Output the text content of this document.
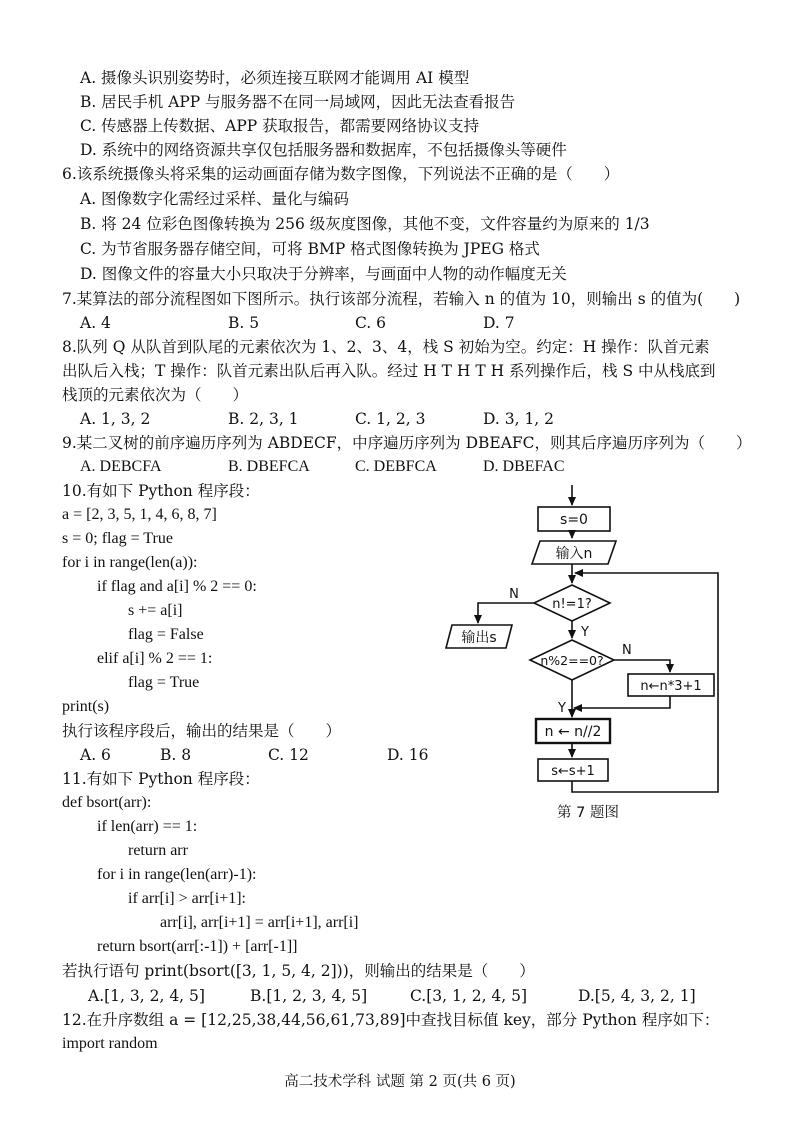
A. 摄像头识别姿势时，必须连接互联网才能调用 AI 模型
B. 居民手机 APP 与服务器不在同一局域网，因此无法查看报告
C. 传感器上传数据、APP 获取报告，都需要网络协议支持
D. 系统中的网络资源共享仅包括服务器和数据库，不包括摄像头等硬件
6.该系统摄像头将采集的运动画面存储为数字图像，下列说法不正确的是（　　）
A. 图像数字化需经过采样、量化与编码
B. 将 24 位彩色图像转换为 256 级灰度图像，其他不变，文件容量约为原来的 1/3
C. 为节省服务器存储空间，可将 BMP 格式图像转换为 JPEG 格式
D. 图像文件的容量大小只取决于分辨率，与画面中人物的动作幅度无关
7.某算法的部分流程图如下图所示。执行该部分流程，若输入 n 的值为 10，则输出 s 的值为(　　)
A. 4	B. 5	C. 6	D. 7
8.队列 Q 从队首到队尾的元素依次为 1、2、3、4，栈 S 初始为空。约定：H 操作：队首元素
出队后入栈；T 操作：队首元素出队后再入队。经过 H T H T H 系列操作后，栈 S 中从栈底到
栈顶的元素依次为（　　）
A. 1, 3, 2	B. 2, 3, 1	C. 1, 2, 3	D. 3, 1, 2
9.某二叉树的前序遍历序列为 ABDECF，中序遍历序列为 DBEAFC，则其后序遍历序列为（　　）
A. DEBCFA	B. DBEFCA	C. DEBFCA	D. DBEFAC
10.有如下 Python 程序段：
a = [2, 3, 5, 1, 4, 6, 8, 7]
s = 0; flag = True
for i in range(len(a)):
if flag and a[i] % 2 == 0:
s += a[i]
flag = False
elif a[i] % 2 == 1:
flag = True
print(s)
执行该程序段后，输出的结果是（　　）
A. 6	B. 8	C. 12	D. 16
11.有如下 Python 程序段：
def bsort(arr):
if len(arr) == 1:
return arr
for i in range(len(arr)-1):
if arr[i] > arr[i+1]:
arr[i], arr[i+1] = arr[i+1], arr[i]
return bsort(arr[:-1]) + [arr[-1]]
若执行语句 print(bsort([3, 1, 5, 4, 2]))，则输出的结果是（　　）
A.[1, 3, 2, 4, 5]	B.[1, 2, 3, 4, 5]	C.[3, 1, 2, 4, 5]	D.[5, 4, 3, 2, 1]
12.在升序数组 a = [12,25,38,44,56,61,73,89]中查找目标值 key，部分 Python 程序如下：
import random
高二技术学科 试题 第 2 页(共 6 页)
s=0
输入n
n!=1?
N
输出s	Y
n%2==0?
N
n←n*3+1
Y
n ← n//2
s←s+1
第 7 题图
